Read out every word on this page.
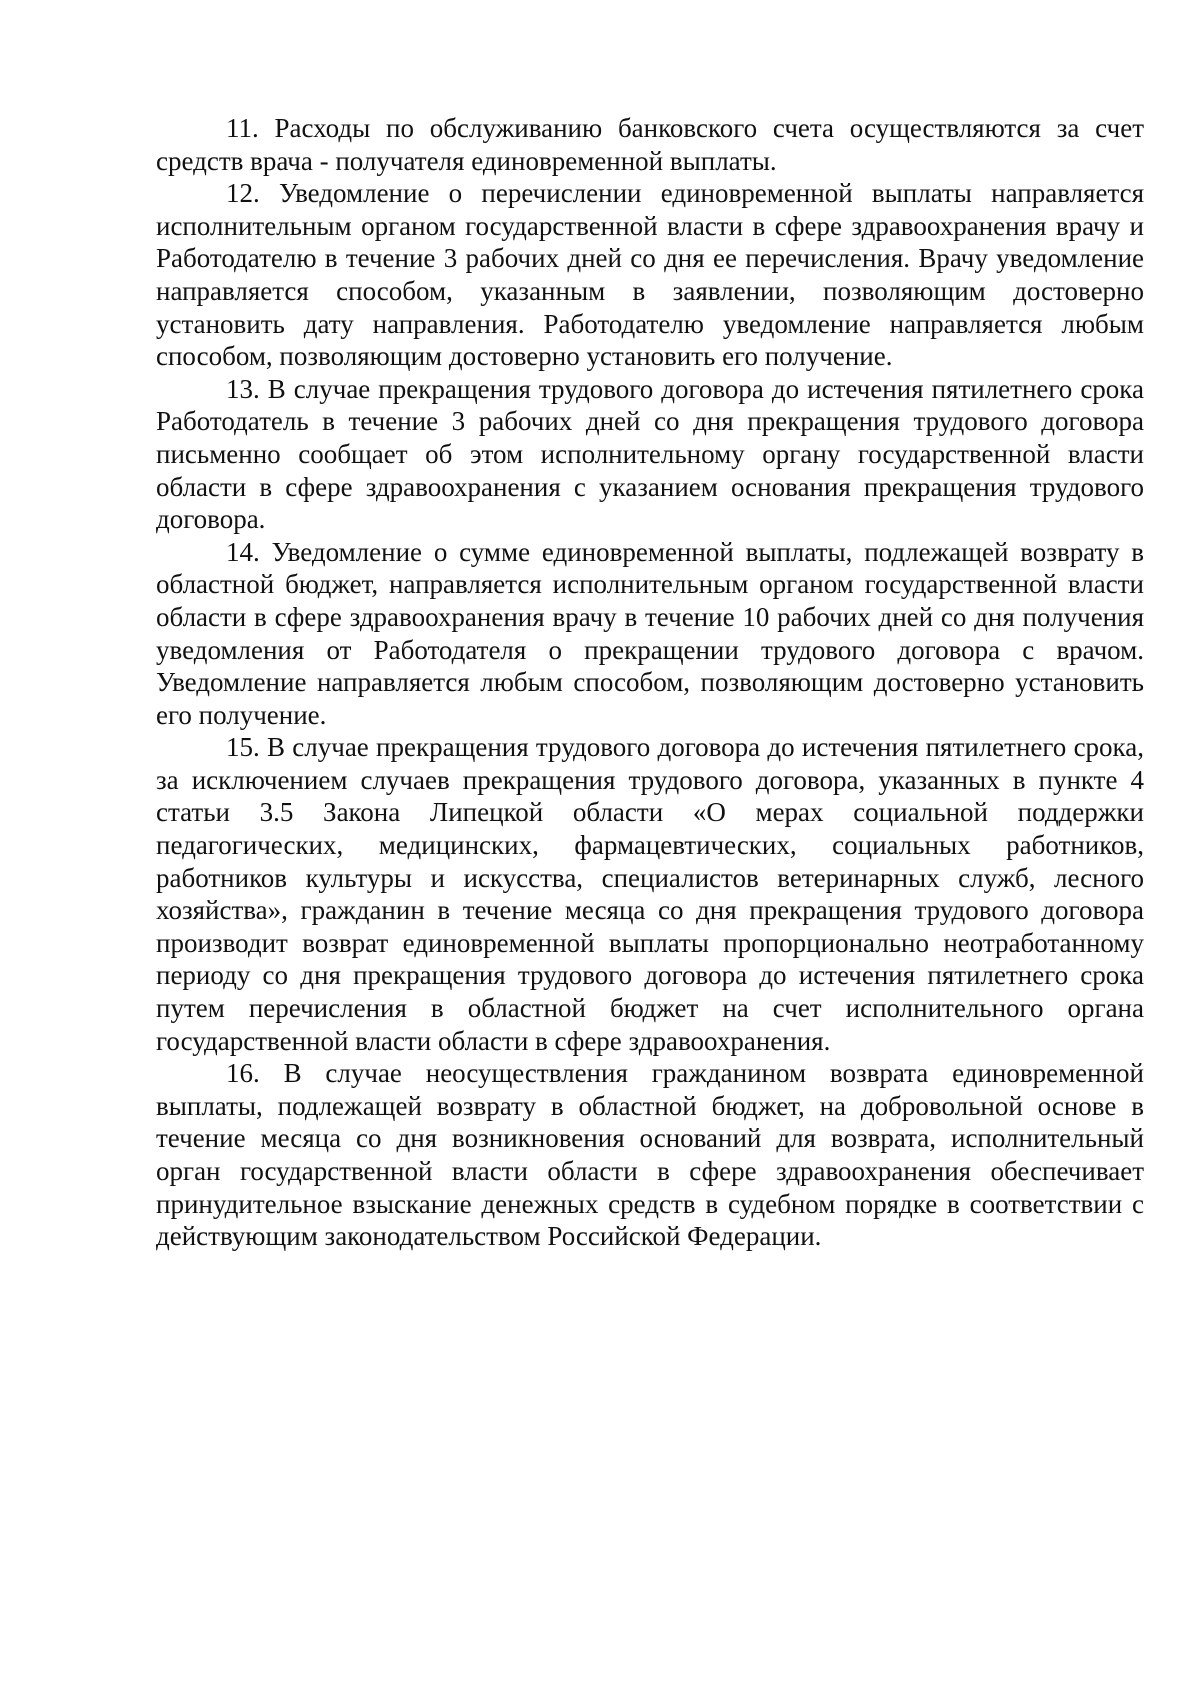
11. Расходы по обслуживанию банковского счета осуществляются за счет средств врача - получателя единовременной выплаты.

12. Уведомление о перечислении единовременной выплаты направляется исполнительным органом государственной власти в сфере здравоохранения врачу и Работодателю в течение 3 рабочих дней со дня ее перечисления. Врачу уведомление направляется способом, указанным в заявлении, позволяющим достоверно установить дату направления. Работодателю уведомление направляется любым способом, позволяющим достоверно установить его получение.

13. В случае прекращения трудового договора до истечения пятилетнего срока Работодатель в течение 3 рабочих дней со дня прекращения трудового договора письменно сообщает об этом исполнительному органу государственной власти области в сфере здравоохранения с указанием основания прекращения трудового договора.

14. Уведомление о сумме единовременной выплаты, подлежащей возврату в областной бюджет, направляется исполнительным органом государственной власти области в сфере здравоохранения врачу в течение 10 рабочих дней со дня получения уведомления от Работодателя о прекращении трудового договора с врачом. Уведомление направляется любым способом, позволяющим достоверно установить его получение.

15. В случае прекращения трудового договора до истечения пятилетнего срока, за исключением случаев прекращения трудового договора, указанных в пункте 4 статьи 3.5 Закона Липецкой области «О мерах социальной поддержки педагогических, медицинских, фармацевтических, социальных работников, работников культуры и искусства, специалистов ветеринарных служб, лесного хозяйства», гражданин в течение месяца со дня прекращения трудового договора производит возврат единовременной выплаты пропорционально неотработанному периоду со дня прекращения трудового договора до истечения пятилетнего срока путем перечисления в областной бюджет на счет исполнительного органа государственной власти области в сфере здравоохранения.

16. В случае неосуществления гражданином возврата единовременной выплаты, подлежащей возврату в областной бюджет, на добровольной основе в течение месяца со дня возникновения оснований для возврата, исполнительный орган государственной власти области в сфере здравоохранения обеспечивает принудительное взыскание денежных средств в судебном порядке в соответствии с действующим законодательством Российской Федерации.
